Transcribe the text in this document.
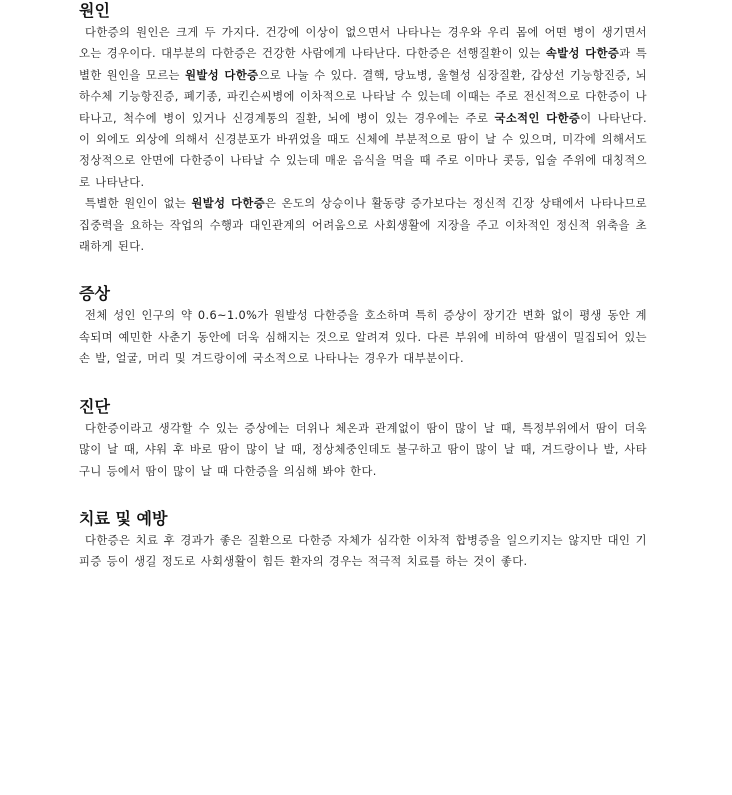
원인

다한증의 원인은 크게 두 가지다. 건강에 이상이 없으면서 나타나는 경우와 우리 몸에 어떤 병이 생기면서 오는 경우이다. 대부분의 다한증은 건강한 사람에게 나타난다. 다한증은 선행질환이 있는 속발성 다한증과 특별한 원인을 모르는 원발성 다한증으로 나눌 수 있다. 결핵, 당뇨병, 울혈성 심장질환, 갑상선 기능항진증, 뇌하수체 기능항진증, 폐기종, 파킨슨씨병에 이차적으로 나타날 수 있는데 이때는 주로 전신적으로 다한증이 나타나고, 척수에 병이 있거나 신경계통의 질환, 뇌에 병이 있는 경우에는 주로 국소적인 다한증이 나타난다. 이 외에도 외상에 의해서 신경분포가 바뀌었을 때도 신체에 부분적으로 땀이 날 수 있으며, 미각에 의해서도 정상적으로 안면에 다한증이 나타날 수 있는데 매운 음식을 먹을 때 주로 이마나 콧등, 입술 주위에 대칭적으로 나타난다.

특별한 원인이 없는 원발성 다한증은 온도의 상승이나 활동량 증가보다는 정신적 긴장 상태에서 나타나므로 집중력을 요하는 작업의 수행과 대인관계의 어려움으로 사회생활에 지장을 주고 이차적인 정신적 위축을 초래하게 된다.

증상

전체 성인 인구의 약 0.6~1.0%가 원발성 다한증을 호소하며 특히 증상이 장기간 변화 없이 평생 동안 계속되며 예민한 사춘기 동안에 더욱 심해지는 것으로 알려져 있다. 다른 부위에 비하여 땀샘이 밀집되어 있는 손 발, 얼굴, 머리 및 겨드랑이에 국소적으로 나타나는 경우가 대부분이다.

진단

다한증이라고 생각할 수 있는 증상에는 더위나 체온과 관계없이 땀이 많이 날 때, 특정부위에서 땀이 더욱 많이 날 때, 샤워 후 바로 땀이 많이 날 때, 정상체중인데도 불구하고 땀이 많이 날 때, 겨드랑이나 발, 사타구니 등에서 땀이 많이 날 때 다한증을 의심해 봐야 한다.

치료 및 예방

다한증은 치료 후 경과가 좋은 질환으로 다한증 자체가 심각한 이차적 합병증을 일으키지는 않지만 대인 기피증 등이 생길 정도로 사회생활이 힘든 환자의 경우는 적극적 치료를 하는 것이 좋다.
